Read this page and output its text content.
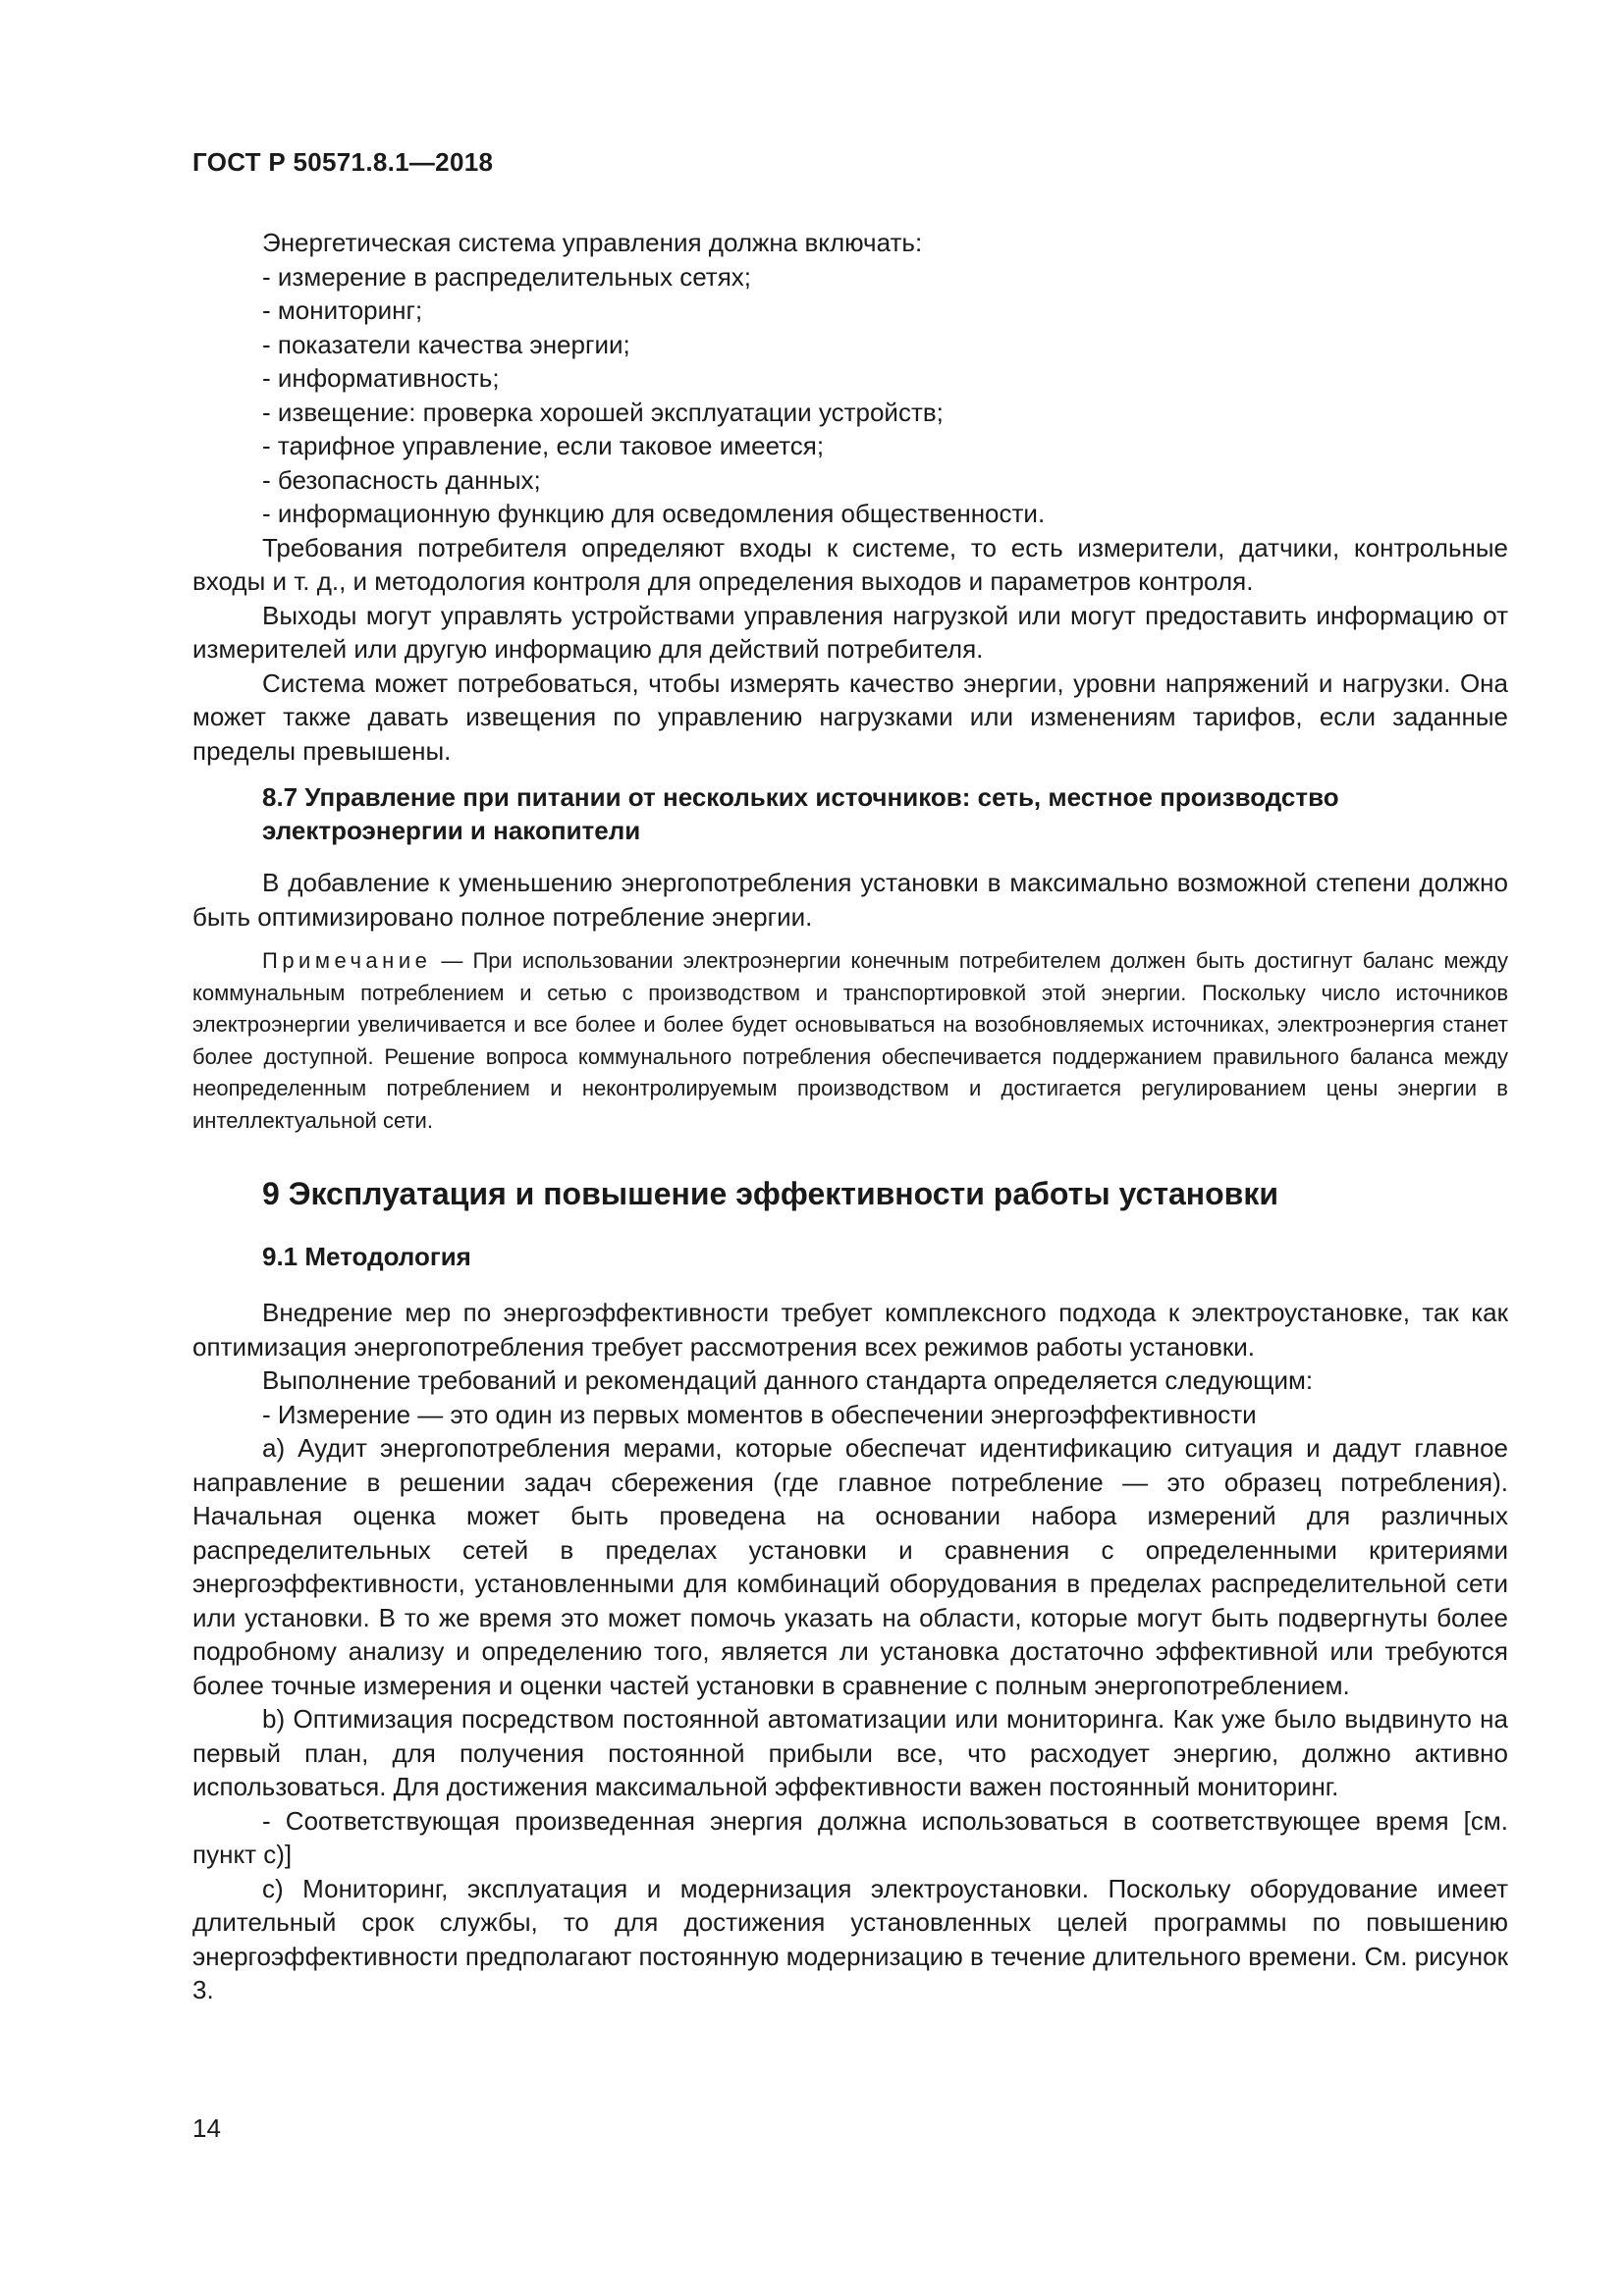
ГОСТ Р 50571.8.1—2018

Энергетическая система управления должна включать:

- измерение в распределительных сетях;

- мониторинг;

- показатели качества энергии;

- информативность;

- извещение: проверка хорошей эксплуатации устройств;

- тарифное управление, если таковое имеется;

- безопасность данных;

- информационную функцию для осведомления общественности.

Требования потребителя определяют входы к системе, то есть измерители, датчики, контрольные входы и т. д., и методология контроля для определения выходов и параметров контроля.

Выходы могут управлять устройствами управления нагрузкой или могут предоставить информацию от измерителей или другую информацию для действий потребителя.

Система может потребоваться, чтобы измерять качество энергии, уровни напряжений и нагрузки. Она может также давать извещения по управлению нагрузками или изменениям тарифов, если заданные пределы превышены.

8.7 Управление при питании от нескольких источников: сеть, местное производство электроэнергии и накопители

В добавление к уменьшению энергопотребления установки в максимально возможной степени должно быть оптимизировано полное потребление энергии.

Примечание — При использовании электроэнергии конечным потребителем должен быть достигнут баланс между коммунальным потреблением и сетью с производством и транспортировкой этой энергии. Поскольку число источников электроэнергии увеличивается и все более и более будет основываться на возобновляемых источниках, электроэнергия станет более доступной. Решение вопроса коммунального потребления обеспечивается поддержанием правильного баланса между неопределенным потреблением и неконтролируемым производством и достигается регулированием цены энергии в интеллектуальной сети.

9 Эксплуатация и повышение эффективности работы установки
9.1 Методология

Внедрение мер по энергоэффективности требует комплексного подхода к электроустановке, так как оптимизация энергопотребления требует рассмотрения всех режимов работы установки.

Выполнение требований и рекомендаций данного стандарта определяется следующим:

- Измерение — это один из первых моментов в обеспечении энергоэффективности

a) Аудит энергопотребления мерами, которые обеспечат идентификацию ситуация и дадут главное направление в решении задач сбережения (где главное потребление — это образец потребления). Начальная оценка может быть проведена на основании набора измерений для различных распределительных сетей в пределах установки и сравнения с определенными критериями энергоэффективности, установленными для комбинаций оборудования в пределах распределительной сети или установки. В то же время это может помочь указать на области, которые могут быть подвергнуты более подробному анализу и определению того, является ли установка достаточно эффективной или требуются более точные измерения и оценки частей установки в сравнение с полным энергопотреблением.

b) Оптимизация посредством постоянной автоматизации или мониторинга. Как уже было выдвинуто на первый план, для получения постоянной прибыли все, что расходует энергию, должно активно использоваться. Для достижения максимальной эффективности важен постоянный мониторинг.

- Соответствующая произведенная энергия должна использоваться в соответствующее время [см. пункт c)]

c) Мониторинг, эксплуатация и модернизация электроустановки. Поскольку оборудование имеет длительный срок службы, то для достижения установленных целей программы по повышению энергоэффективности предполагают постоянную модернизацию в течение длительного времени. См. рисунок 3.

14
